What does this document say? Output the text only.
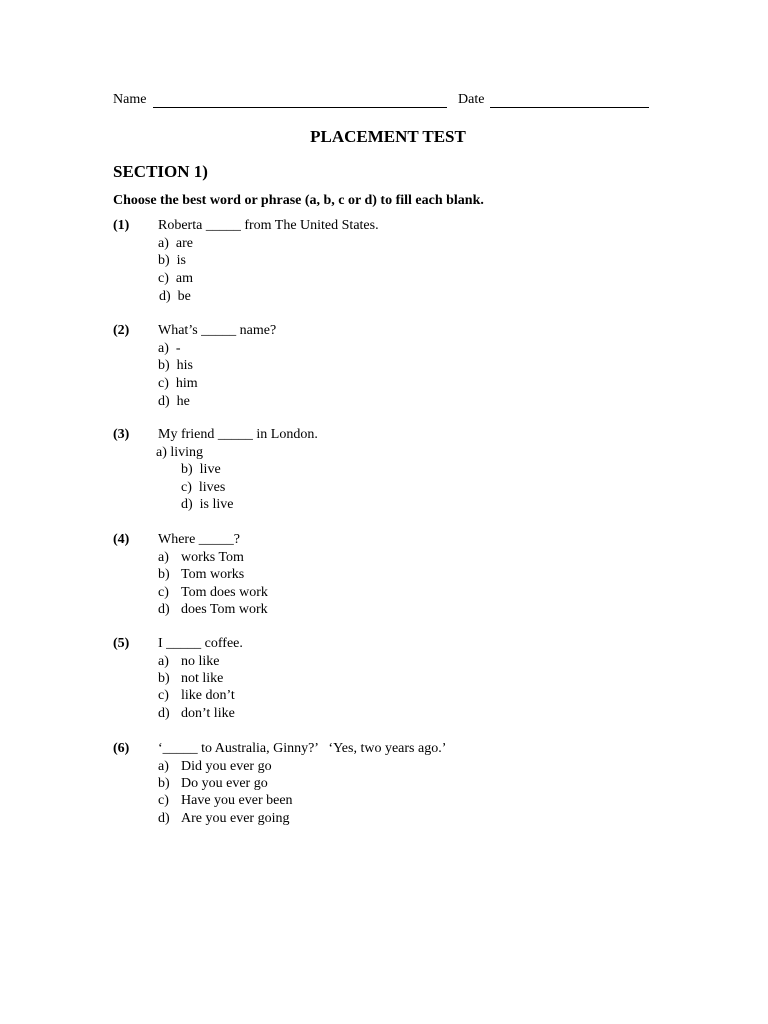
Name	Date
PLACEMENT TEST
SECTION 1)
Choose the best word or phrase (a, b, c or d) to fill each blank.
(1) Roberta _____ from The United States.
a) are
b) is
c) am
d) be
(2) What’s _____ name?
a) -
b) his
c) him
d) he
(3) My friend _____ in London.
a) living
b) live
c) lives
d) is live
(4) Where _____?
a) works Tom
b) Tom works
c) Tom does work
d) does Tom work
(5) I _____ coffee.
a) no like
b) not like
c) like don’t
d) don’t like
(6) ‘_____ to Australia, Ginny?’   ‘Yes, two years ago.’
a) Did you ever go
b) Do you ever go
c) Have you ever been
d) Are you ever going
